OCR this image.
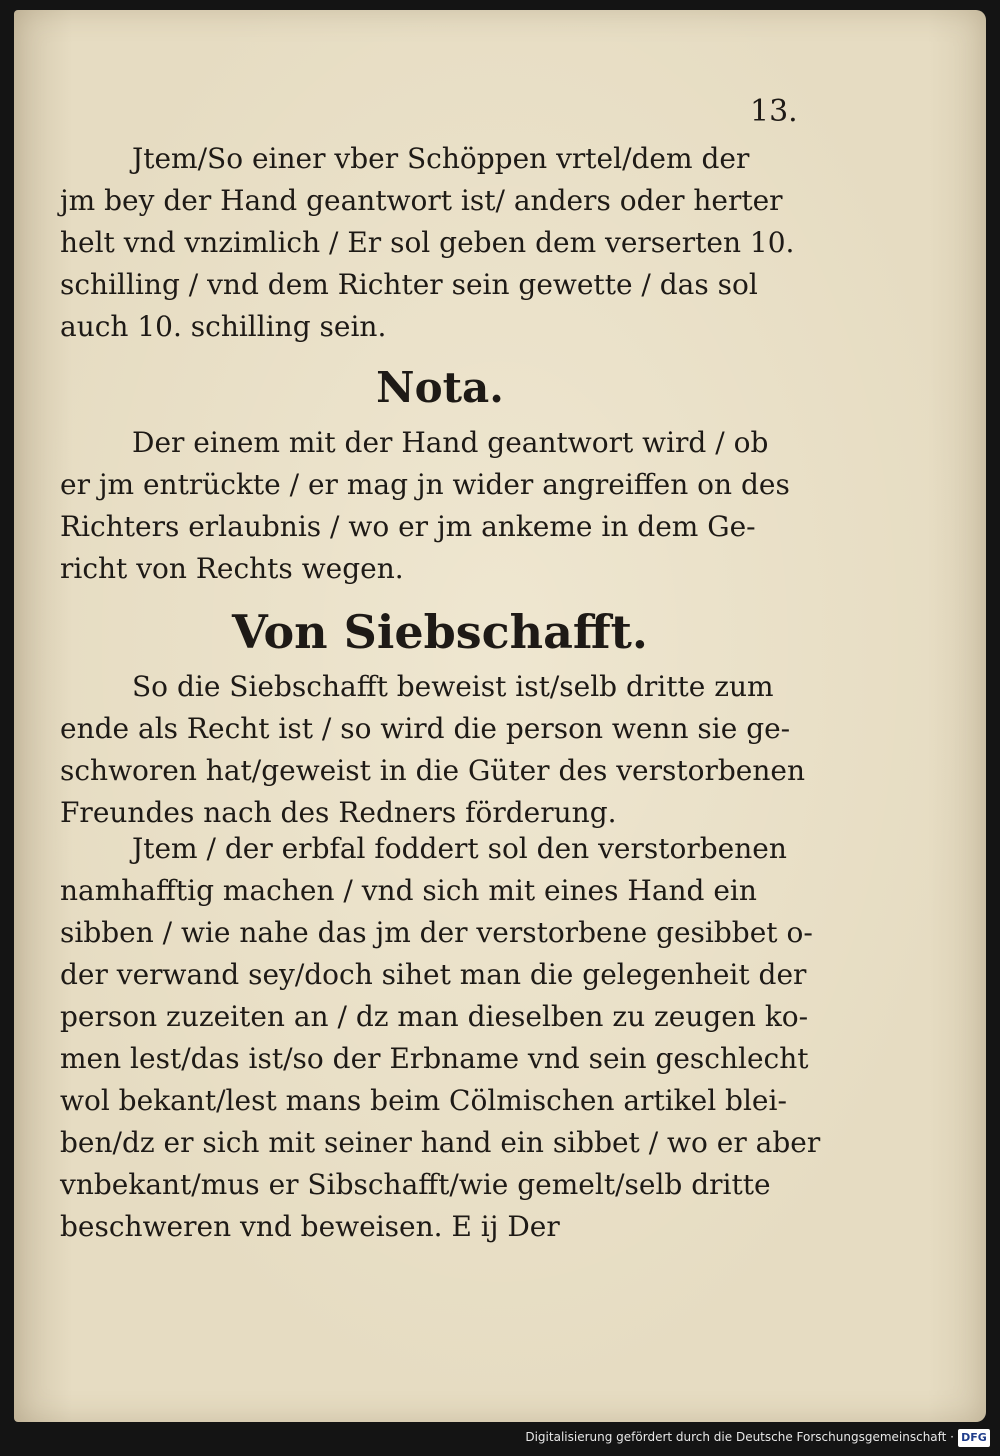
13.

Jtem/So einer vber Schöppen vrtel/dem der
jm bey der Hand geantwort ist/ anders oder herter
helt vnd vnzimlich / Er sol geben dem verserten 10.
schilling / vnd dem Richter sein gewette / das sol
auch 10. schilling sein.

Nota.

Der einem mit der Hand geantwort wird / ob
er jm entrückte / er mag jn wider angreiffen on des
Richters erlaubnis / wo er jm ankeme in dem Ge-
richt von Rechts wegen.

Von Siebschafft.

So die Siebschafft beweist ist/selb dritte zum
ende als Recht ist / so wird die person wenn sie ge-
schworen hat/geweist in die Güter des verstorbenen
Freundes nach des Redners förderung.

Jtem / der erbfal foddert sol den verstorbenen
namhafftig machen / vnd sich mit eines Hand ein
sibben / wie nahe das jm der verstorbene gesibbet o-
der verwand sey/doch sihet man die gelegenheit der
person zuzeiten an / dz man dieselben zu zeugen ko-
men lest/das ist/so der Erbname vnd sein geschlecht
wol bekant/lest mans beim Cölmischen artikel blei-
ben/dz er sich mit seiner hand ein sibbet / wo er aber
vnbekant/mus er Sibschafft/wie gemelt/selb dritte
beschweren vnd beweisen. E ij Der

Digitalisierung gefördert durch die Deutsche Forschungsgemeinschaft · DFG
